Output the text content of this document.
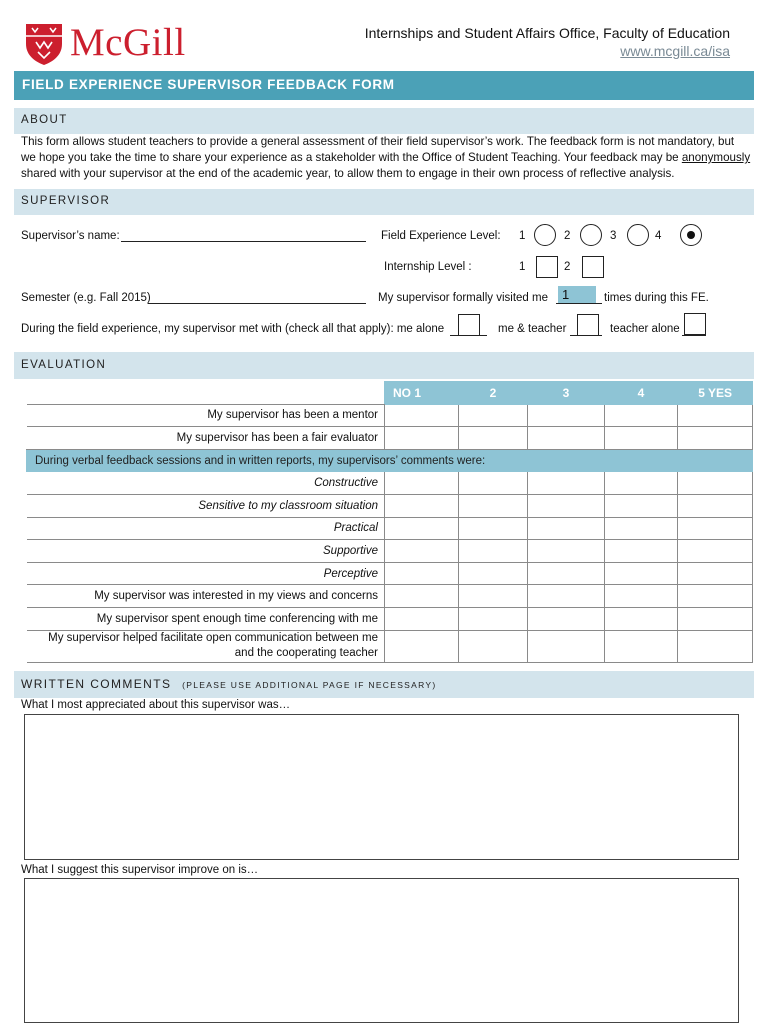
McGill	Internships and Student Affairs Office, Faculty of Education
www.mcgill.ca/isa
FIELD EXPERIENCE SUPERVISOR FEEDBACK FORM
ABOUT
This form allows student teachers to provide a general assessment of their field supervisor’s work. The feedback form is not mandatory, but we hope you take the time to share your experience as a stakeholder with the Office of Student Teaching. Your feedback may be anonymously shared with your supervisor at the end of the academic year, to allow them to engage in their own process of reflective analysis.
SUPERVISOR
Supervisor’s name:	Field Experience Level: 1	2	3	4
Internship Level :	1	2
Semester (e.g. Fall 2015)	My supervisor formally visited me	1	times during this FE.
During the field experience, my supervisor met with (check all that apply): me alone	me & teacher	teacher alone
EVALUATION
	NO 1	2	3	4	5 YES
My supervisor has been a mentor					
My supervisor has been a fair evaluator					
During verbal feedback sessions and in written reports, my supervisors’ comments were:					
Constructive					
Sensitive to my classroom situation					
Practical					
Supportive					
Perceptive					
My supervisor was interested in my views and concerns					
My supervisor spent enough time conferencing with me					
My supervisor helped facilitate open communication between me
and the cooperating teacher					
WRITTEN COMMENTS (PLEASE USE ADDITIONAL PAGE IF NECESSARY)
What I most appreciated about this supervisor was…
What I suggest this supervisor improve on is…
